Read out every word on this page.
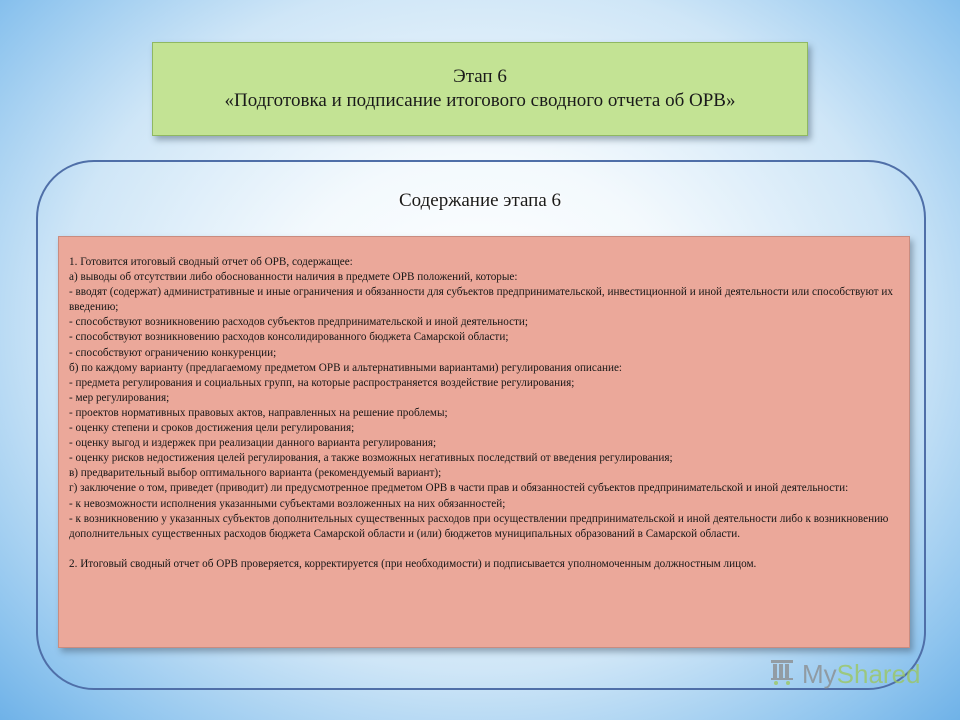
Этап 6
«Подготовка и подписание итогового сводного отчета об ОРВ»
Содержание этапа 6
1. Готовится итоговый сводный отчет об ОРВ, содержащее:
а) выводы об отсутствии либо обоснованности наличия в предмете ОРВ положений, которые:
- вводят (содержат) административные и иные ограничения и обязанности для субъектов предпринимательской, инвестиционной и иной деятельности или способствуют их введению;
- способствуют возникновению расходов субъектов предпринимательской и иной деятельности;
- способствуют возникновению расходов консолидированного бюджета Самарской области;
- способствуют ограничению конкуренции;
б) по каждому варианту (предлагаемому предметом ОРВ и альтернативными вариантами) регулирования описание:
- предмета регулирования и социальных групп, на которые распространяется воздействие регулирования;
- мер регулирования;
- проектов нормативных правовых актов, направленных на решение проблемы;
- оценку степени и сроков достижения цели регулирования;
- оценку выгод и издержек при реализации данного варианта регулирования;
- оценку рисков недостижения целей регулирования, а также возможных негативных последствий от введения регулирования;
в) предварительный выбор оптимального варианта (рекомендуемый вариант);
г) заключение о том, приведет (приводит) ли предусмотренное предметом ОРВ в части прав и обязанностей субъектов предпринимательской и иной деятельности:
- к невозможности исполнения указанными субъектами возложенных на них обязанностей;
- к возникновению у указанных субъектов дополнительных существенных расходов при осуществлении предпринимательской и иной деятельности либо к возникновению дополнительных существенных расходов бюджета Самарской области и (или) бюджетов муниципальных образований в Самарской области.
2. Итоговый сводный отчет об ОРВ проверяется, корректируется (при необходимости) и подписывается уполномоченным должностным лицом.
My Shared
